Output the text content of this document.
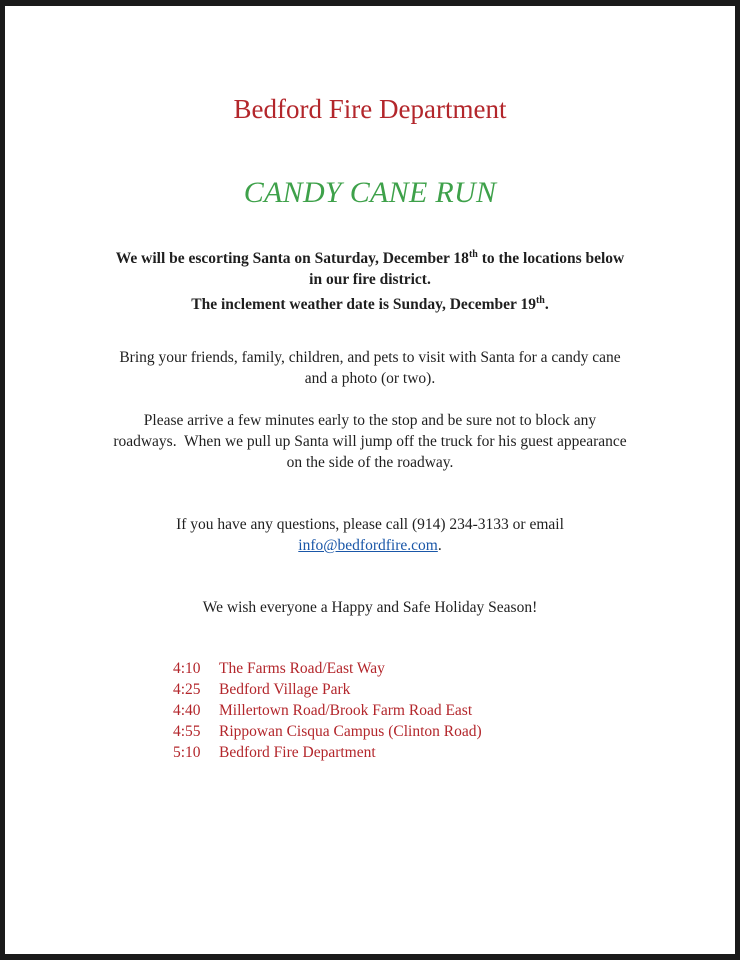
Bedford Fire Department
CANDY CANE RUN

We will be escorting Santa on Saturday, December 18th to the locations below

in our fire district.

The inclement weather date is Sunday, December 19th.

Bring your friends, family, children, and pets to visit with Santa for a candy cane

and a photo (or two).

Please arrive a few minutes early to the stop and be sure not to block any

roadways.  When we pull up Santa will jump off the truck for his guest appearance

on the side of the roadway.

If you have any questions, please call (914) 234-3133 or email

info@bedfordfire.com.

We wish everyone a Happy and Safe Holiday Season!

4:10	The Farms Road/East Way
4:25	Bedford Village Park
4:40	Millertown Road/Brook Farm Road East
4:55	Rippowan Cisqua Campus (Clinton Road)
5:10	Bedford Fire Department
